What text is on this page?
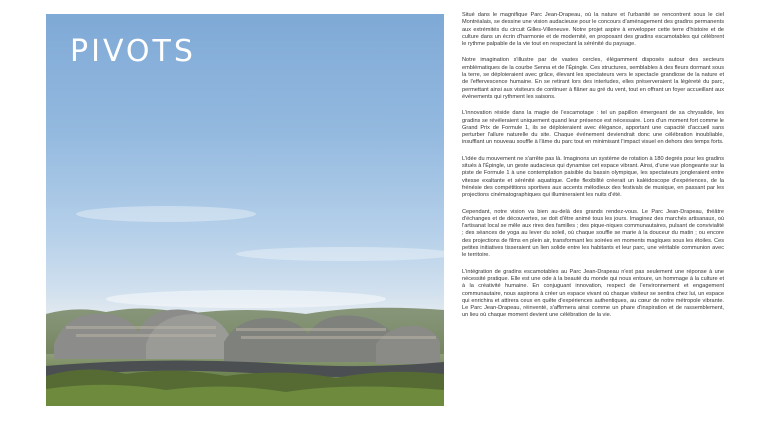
PIVOTS

Situé dans le magnifique Parc Jean-Drapeau, où la nature et l'urbanité se rencontrent sous le ciel Montréalais, se dessine une vision audacieuse pour le concours d'aménagement des gradins permanents aux extrémités du circuit Gilles-Villeneuve. Notre projet aspire à envelopper cette terre d'histoire et de culture dans un écrin d'harmonie et de modernité, en proposant des gradins escamotables qui célèbrent le rythme palpable de la vie tout en respectant la sérénité du paysage.

Notre imagination s'illustre par de vastes cercles, élégamment disposés autour des secteurs emblématiques de la courbe Senna et de l'Épingle. Ces structures, semblables à des fleurs dormant sous la terre, se déploieraient avec grâce, élevant les spectateurs vers le spectacle grandiose de la nature et de l'effervescence humaine. En se retirant lors des interludes, elles préserveraient la légèreté du parc, permettant ainsi aux visiteurs de continuer à flâner au gré du vent, tout en offrant un foyer accueillant aux événements qui rythment les saisons.

L'innovation réside dans la magie de l'escamotage : tel un papillon émergeant de sa chrysalide, les gradins se révéleraient uniquement quand leur présence est nécessaire. Lors d'un moment fort comme le Grand Prix de Formule 1, ils se déploieraient avec élégance, apportant une capacité d'accueil sans perturber l'allure naturelle du site. Chaque événement deviendrait donc une célébration inoubliable, insufflant un nouveau souffle à l'âme du parc tout en minimisant l'impact visuel en dehors des temps forts.

L'idée du mouvement ne s'arrête pas là. Imaginons un système de rotation à 180 degrés pour les gradins situés à l'Épingle, un geste audacieux qui dynamise cet espace vibrant. Ainsi, d'une vue plongeante sur la piste de Formule 1 à une contemplation paisible du bassin olympique, les spectateurs jongleraient entre vitesse exaltante et sérénité aquatique. Cette flexibilité créerait un kaléidoscope d'expériences, de la frénésie des compétitions sportives aux accents mélodieux des festivals de musique, en passant par les projections cinématographiques qui illumineraient les nuits d'été.

Cependant, notre vision va bien au-delà des grands rendez-vous. Le Parc Jean-Drapeau, théâtre d'échanges et de découvertes, se doit d'être animé tous les jours. Imaginez des marchés artisanaux, où l'artisanat local se mêle aux rires des familles ; des pique-niques communautaires, pulsant de convivialité ; des séances de yoga au lever du soleil, où chaque souffle se marie à la douceur du matin ; ou encore des projections de films en plein air, transformant les soirées en moments magiques sous les étoiles. Ces petites initiatives tisseraient un lien solide entre les habitants et leur parc, une véritable communion avec le territoire.

L'intégration de gradins escamotables au Parc Jean-Drapeau n'est pas seulement une réponse à une nécessité pratique. Elle est une ode à la beauté du monde qui nous entoure, un hommage à la culture et à la créativité humaine. En conjuguant innovation, respect de l'environnement et engagement communautaire, nous aspirons à créer un espace vivant où chaque visiteur se sentira chez lui, un espace qui enrichira et attirera ceux en quête d'expériences authentiques, au cœur de notre métropole vibrante. Le Parc Jean-Drapeau, réinventé, s'affirmera ainsi comme un phare d'inspiration et de rassemblement, un lieu où chaque moment devient une célébration de la vie.
